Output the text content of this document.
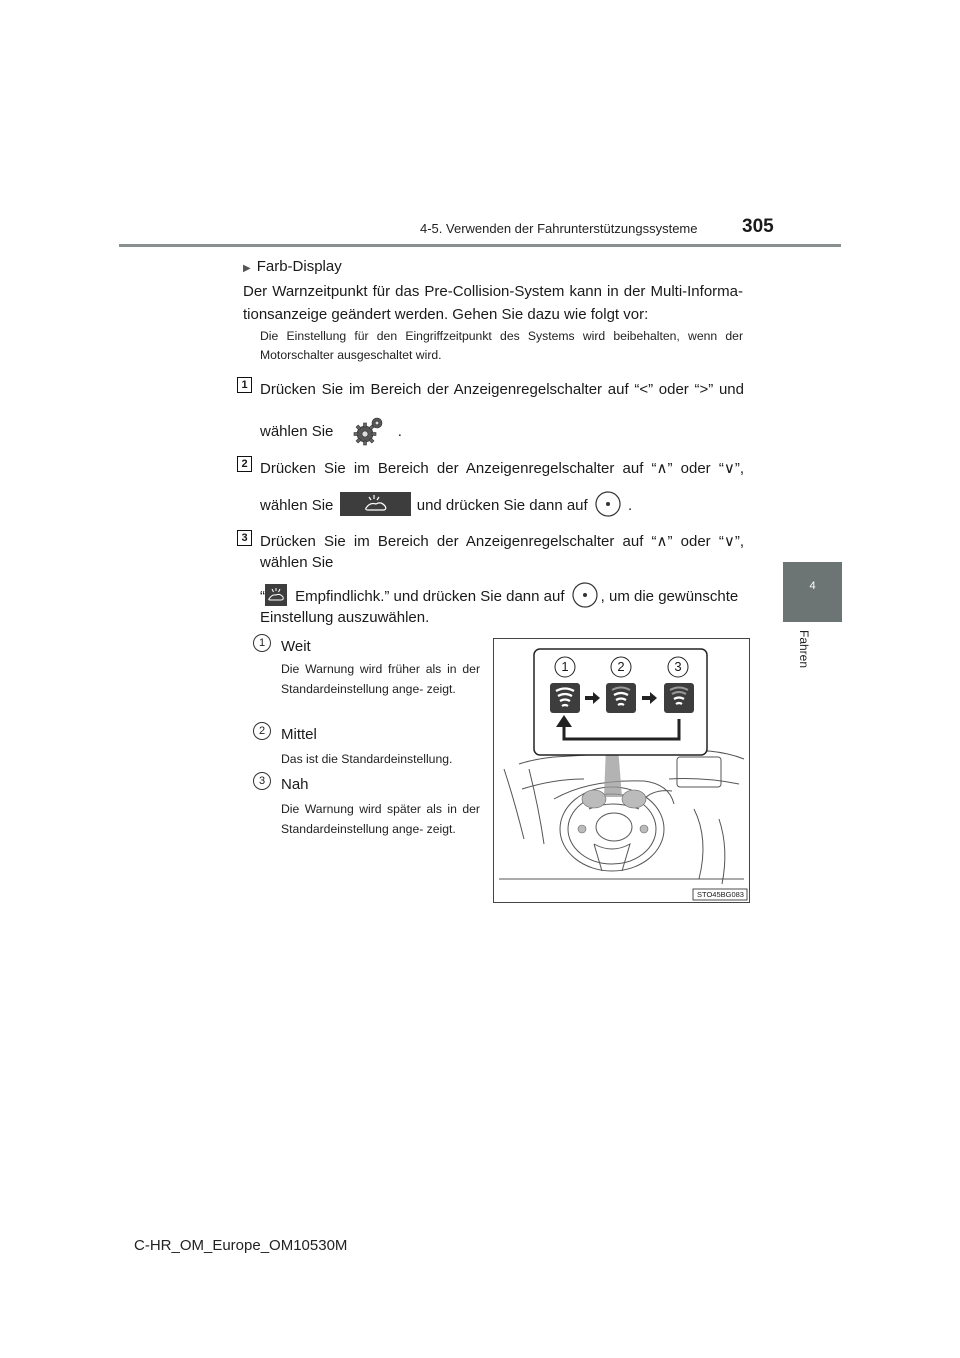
4-5. Verwenden der Fahrunterstützungssysteme 305
4
Fahren
▶ Farb-Display
Der Warnzeitpunkt für das Pre-Collision-System kann in der Multi-Informa- tionsanzeige geändert werden. Gehen Sie dazu wie folgt vor:
Die Einstellung für den Eingriffzeitpunkt des Systems wird beibehalten, wenn der Motorschalter ausgeschaltet wird.
1 Drücken Sie im Bereich der Anzeigenregelschalter auf “<” oder “>” und
wählen Sie	.
2 Drücken Sie im Bereich der Anzeigenregelschalter auf “∧” oder “∨”,
wählen Sie	und drücken Sie dann auf	.
3 Drücken Sie im Bereich der Anzeigenregelschalter auf “∧” oder “∨”,
wählen Sie
“ Empfindlichk.” und drücken Sie dann auf , um die gewünschte
Einstellung auszuwählen.
1	Weit
Die Warnung wird früher als in der Standardeinstellung ange- zeigt.
2	Mittel
Das ist die Standardeinstellung.
3	Nah
Die Warnung wird später als in der Standardeinstellung ange- zeigt.
1	2	3
STO45BG083
C-HR_OM_Europe_OM10530M
